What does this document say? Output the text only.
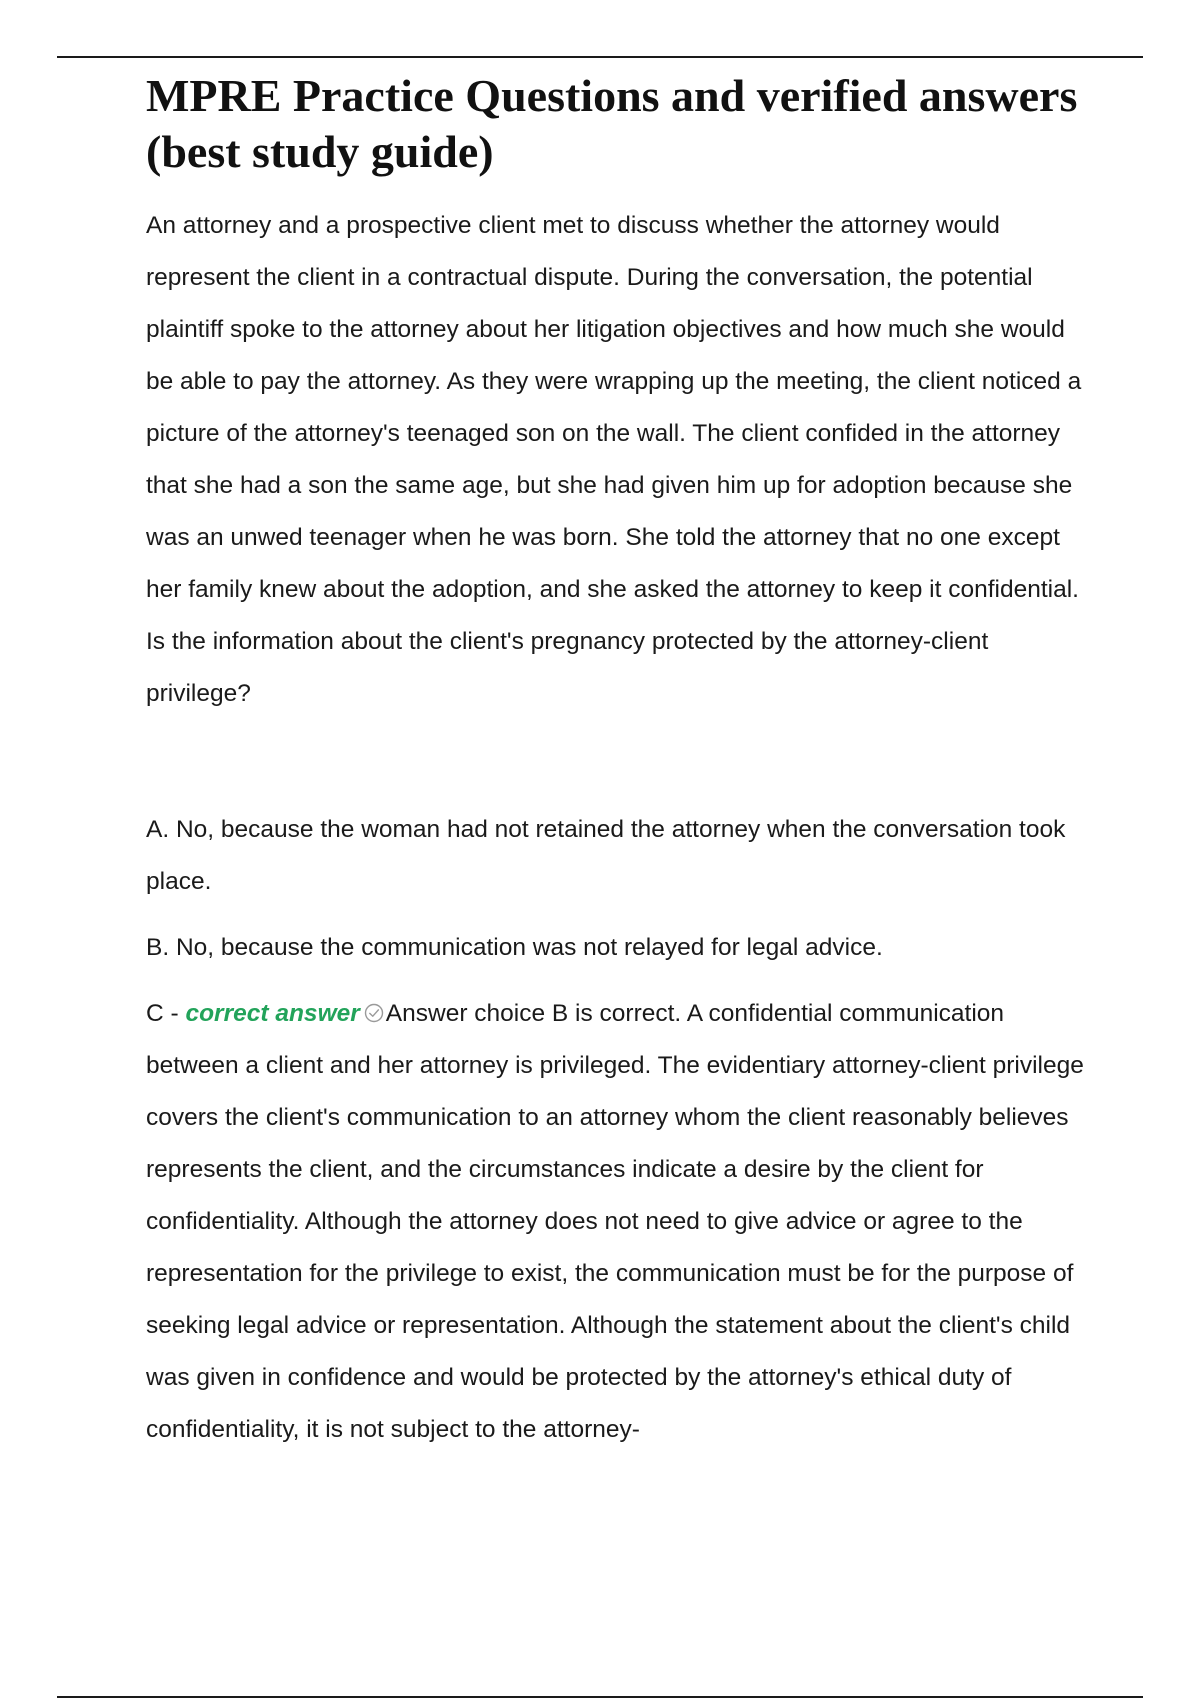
MPRE Practice Questions and verified answers (best study guide)

An attorney and a prospective client met to discuss whether the attorney would represent the client in a contractual dispute. During the conversation, the potential plaintiff spoke to the attorney about her litigation objectives and how much she would be able to pay the attorney. As they were wrapping up the meeting, the client noticed a picture of the attorney's teenaged son on the wall. The client confided in the attorney that she had a son the same age, but she had given him up for adoption because she was an unwed teenager when he was born. She told the attorney that no one except her family knew about the adoption, and she asked the attorney to keep it confidential. Is the information about the client's pregnancy protected by the attorney-client privilege?

A. No, because the woman had not retained the attorney when the conversation took place.

B. No, because the communication was not relayed for legal advice.

C - correct answer Answer choice B is correct. A confidential communication between a client and her attorney is privileged. The evidentiary attorney-client privilege covers the client's communication to an attorney whom the client reasonably believes represents the client, and the circumstances indicate a desire by the client for confidentiality. Although the attorney does not need to give advice or agree to the representation for the privilege to exist, the communication must be for the purpose of seeking legal advice or representation. Although the statement about the client's child was given in confidence and would be protected by the attorney's ethical duty of confidentiality, it is not subject to the attorney-
